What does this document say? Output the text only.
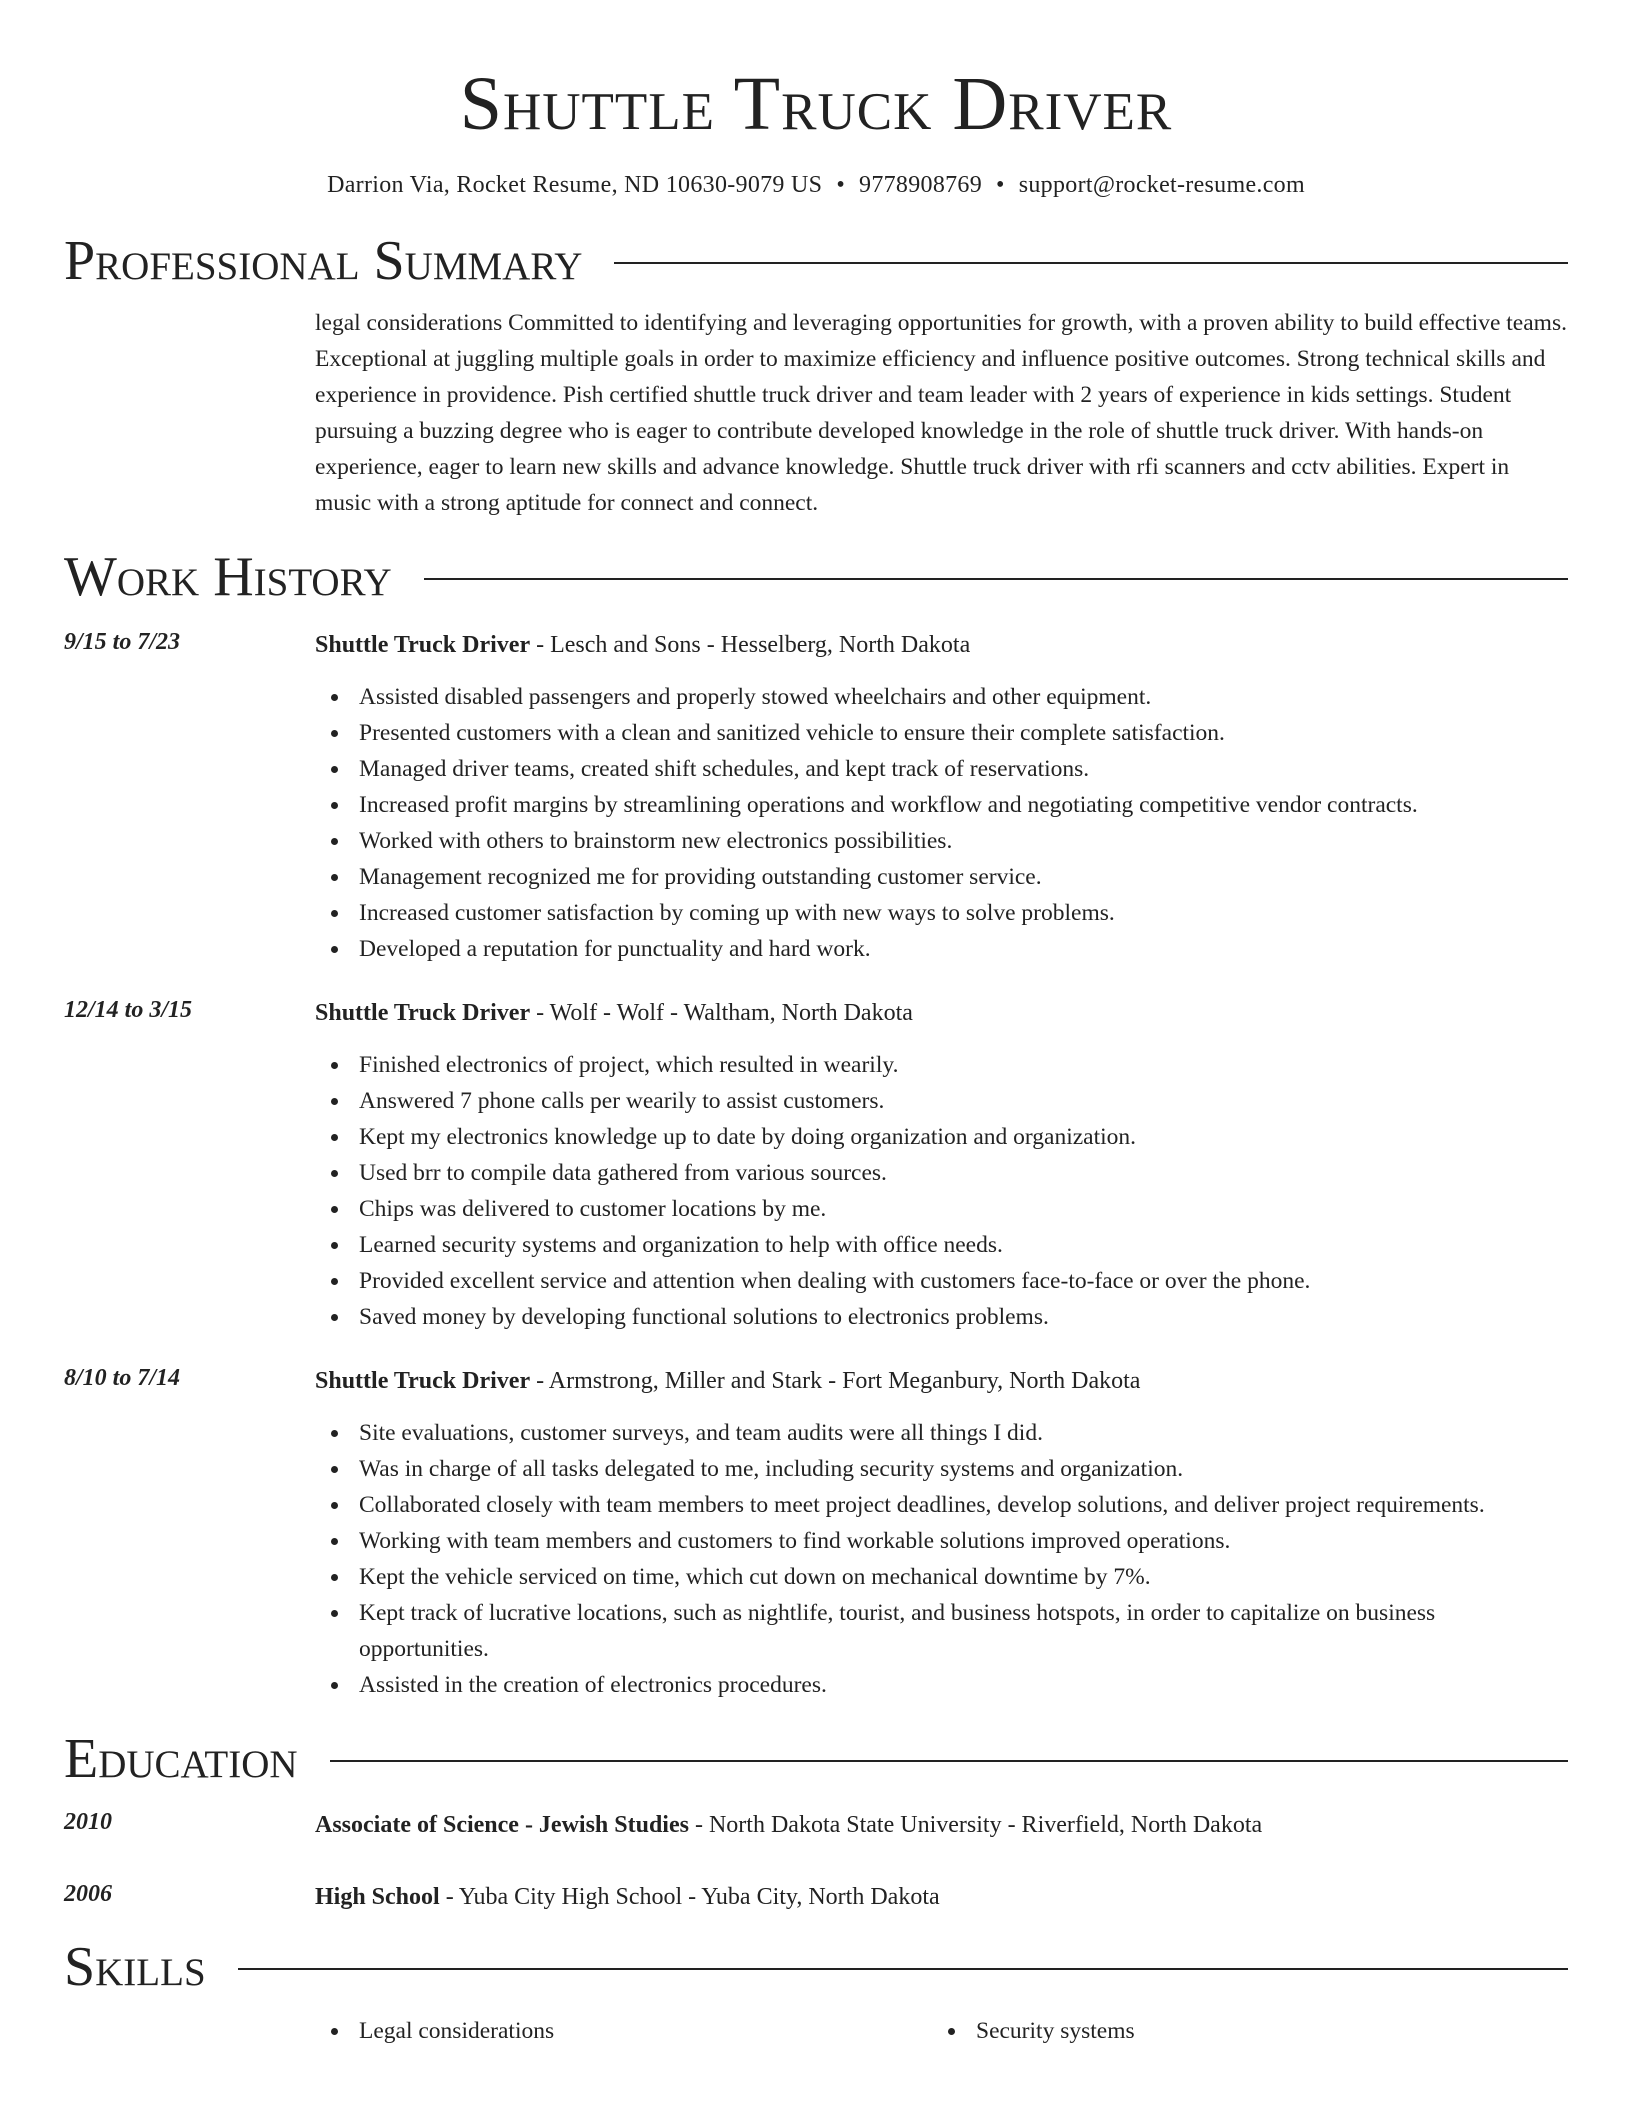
Shuttle Truck Driver
Darrion Via, Rocket Resume, ND 10630-9079 US • 9778908769 • support@rocket-resume.com
Professional Summary
legal considerations Committed to identifying and leveraging opportunities for growth, with a proven ability to build effective teams. Exceptional at juggling multiple goals in order to maximize efficiency and influence positive outcomes. Strong technical skills and experience in providence. Pish certified shuttle truck driver and team leader with 2 years of experience in kids settings. Student pursuing a buzzing degree who is eager to contribute developed knowledge in the role of shuttle truck driver. With hands-on experience, eager to learn new skills and advance knowledge. Shuttle truck driver with rfi scanners and cctv abilities. Expert in music with a strong aptitude for connect and connect.
Work History
9/15 to 7/23	Shuttle Truck Driver - Lesch and Sons - Hesselberg, North Dakota
Assisted disabled passengers and properly stowed wheelchairs and other equipment.
Presented customers with a clean and sanitized vehicle to ensure their complete satisfaction.
Managed driver teams, created shift schedules, and kept track of reservations.
Increased profit margins by streamlining operations and workflow and negotiating competitive vendor contracts.
Worked with others to brainstorm new electronics possibilities.
Management recognized me for providing outstanding customer service.
Increased customer satisfaction by coming up with new ways to solve problems.
Developed a reputation for punctuality and hard work.
12/14 to 3/15	Shuttle Truck Driver - Wolf - Wolf - Waltham, North Dakota
Finished electronics of project, which resulted in wearily.
Answered 7 phone calls per wearily to assist customers.
Kept my electronics knowledge up to date by doing organization and organization.
Used brr to compile data gathered from various sources.
Chips was delivered to customer locations by me.
Learned security systems and organization to help with office needs.
Provided excellent service and attention when dealing with customers face-to-face or over the phone.
Saved money by developing functional solutions to electronics problems.
8/10 to 7/14	Shuttle Truck Driver - Armstrong, Miller and Stark - Fort Meganbury, North Dakota
Site evaluations, customer surveys, and team audits were all things I did.
Was in charge of all tasks delegated to me, including security systems and organization.
Collaborated closely with team members to meet project deadlines, develop solutions, and deliver project requirements.
Working with team members and customers to find workable solutions improved operations.
Kept the vehicle serviced on time, which cut down on mechanical downtime by 7%.
Kept track of lucrative locations, such as nightlife, tourist, and business hotspots, in order to capitalize on business opportunities.
Assisted in the creation of electronics procedures.
Education
2010	Associate of Science - Jewish Studies - North Dakota State University - Riverfield, North Dakota
2006	High School - Yuba City High School - Yuba City, North Dakota
Skills
Legal considerations	Security systems
